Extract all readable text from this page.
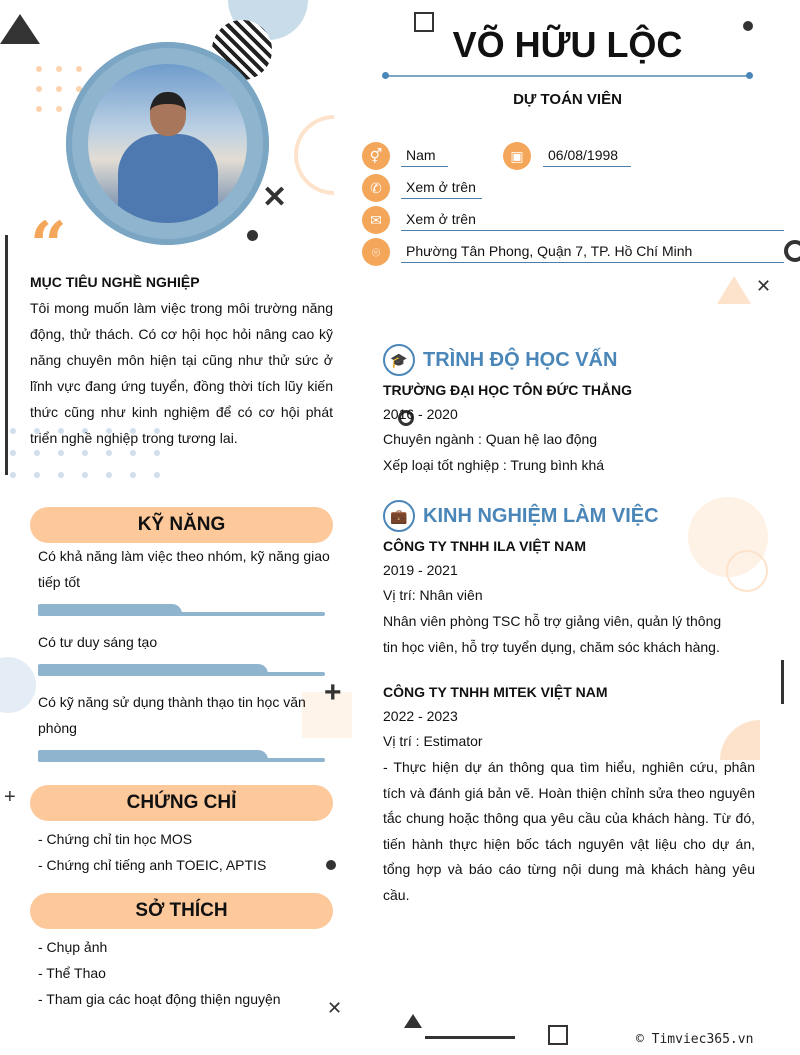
✕
✕
+
+
✕
“
MỤC TIÊU NGHỀ NGHIỆP
Tôi mong muốn làm việc trong môi trường năng động, thử thách. Có cơ hội học hỏi nâng cao kỹ năng chuyên môn hiện tại cũng như thử sức ở lĩnh vực đang ứng tuyển, đồng thời tích lũy kiến thức cũng như kinh nghiệm để có cơ hội phát triển nghề nghiệp trong tương lai.
KỸ NĂNG
Có khả năng làm việc theo nhóm, kỹ năng giao tiếp tốt
Có tư duy sáng tạo
Có kỹ năng sử dụng thành thạo tin học văn phòng
CHỨNG CHỈ
- Chứng chỉ tin học MOS
- Chứng chỉ tiếng anh TOEIC, APTIS
SỞ THÍCH
- Chụp ảnh
- Thể Thao
- Tham gia các hoạt động thiện nguyện
VÕ HỮU LỘC
DỰ TOÁN VIÊN
⚥	Nam	▣	06/08/1998
✆	Xem ở trên
✉	Xem ở trên
⌾	Phường Tân Phong, Quận 7, TP. Hồ Chí Minh
🎓 TRÌNH ĐỘ HỌC VẤN
TRƯỜNG ĐẠI HỌC TÔN ĐỨC THẮNG
2016 - 2020
Chuyên ngành : Quan hệ lao động
Xếp loại tốt nghiệp : Trung bình khá
💼 KINH NGHIỆM LÀM VIỆC
CÔNG TY TNHH ILA VIỆT NAM
2019 - 2021
Vị trí: Nhân viên
Nhân viên phòng TSC hỗ trợ giảng viên, quản lý thông tin học viên, hỗ trợ tuyển dụng, chăm sóc khách hàng.
CÔNG TY TNHH MITEK VIỆT NAM
2022 - 2023
Vị trí : Estimator
- Thực hiện dự án thông qua tìm hiểu, nghiên cứu, phân tích và đánh giá bản vẽ. Hoàn thiện chỉnh sửa theo nguyên tắc chung hoặc thông qua yêu cầu của khách hàng. Từ đó, tiến hành thực hiện bốc tách nguyên vật liệu cho dự án, tổng hợp và báo cáo từng nội dung mà khách hàng yêu cầu.
© Timviec365.vn
